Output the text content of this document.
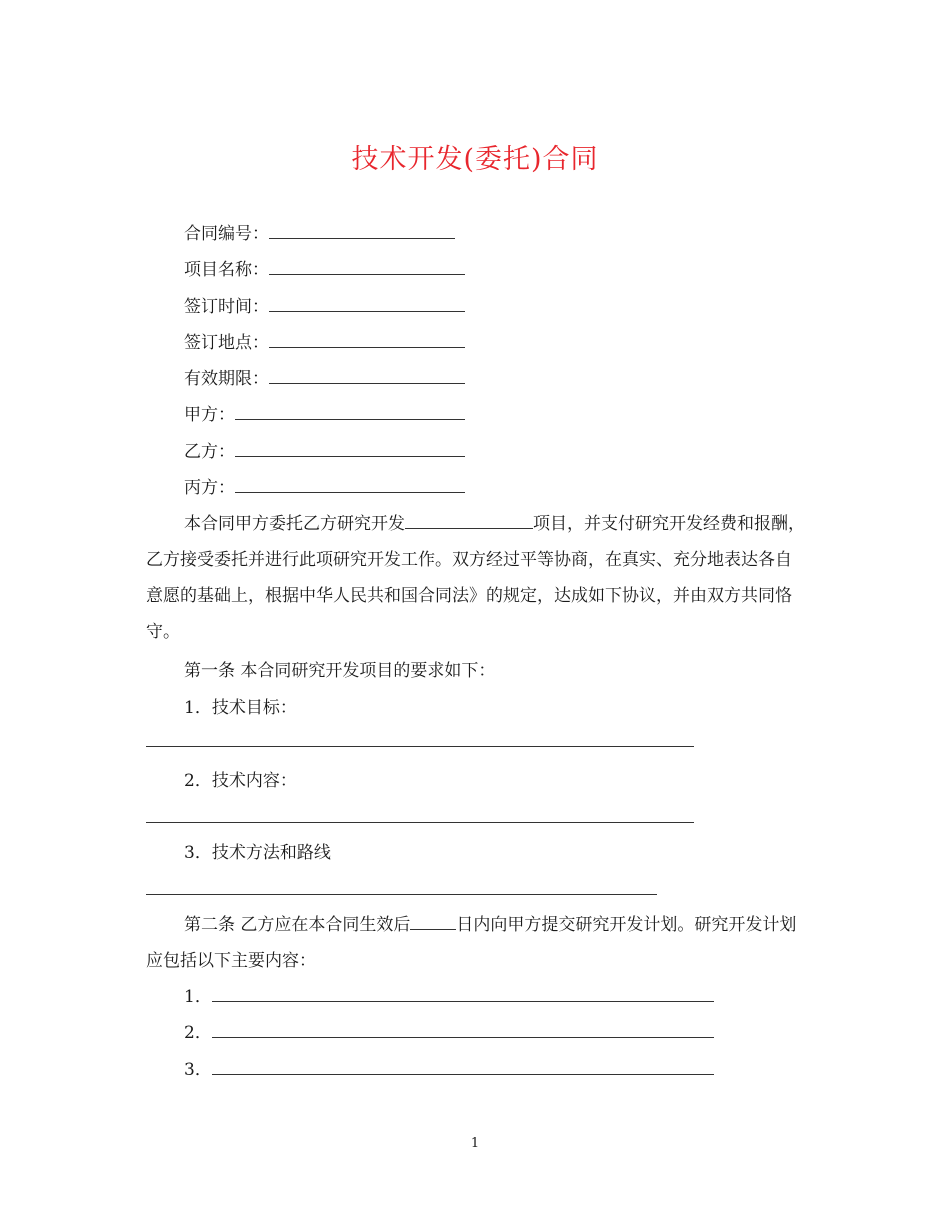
技术开发(委托)合同
合同编号：
项目名称：
签订时间：
签订地点：
有效期限：
甲方：
乙方：
丙方：
本合同甲方委托乙方研究开发	项目，并支付研究开发经费和报酬，乙方接受委托并进行此项研究开发工作。双方经过平等协商，在真实、充分地表达各自意愿的基础上，根据中华人民共和国合同法》的规定，达成如下协议，并由双方共同恪守。
第一条 本合同研究开发项目的要求如下：
1．技术目标：
2．技术内容：
3．技术方法和路线
第二条 乙方应在本合同生效后	日内向甲方提交研究开发计划。研究开发计划应包括以下主要内容：
1．
2．
3．
1
